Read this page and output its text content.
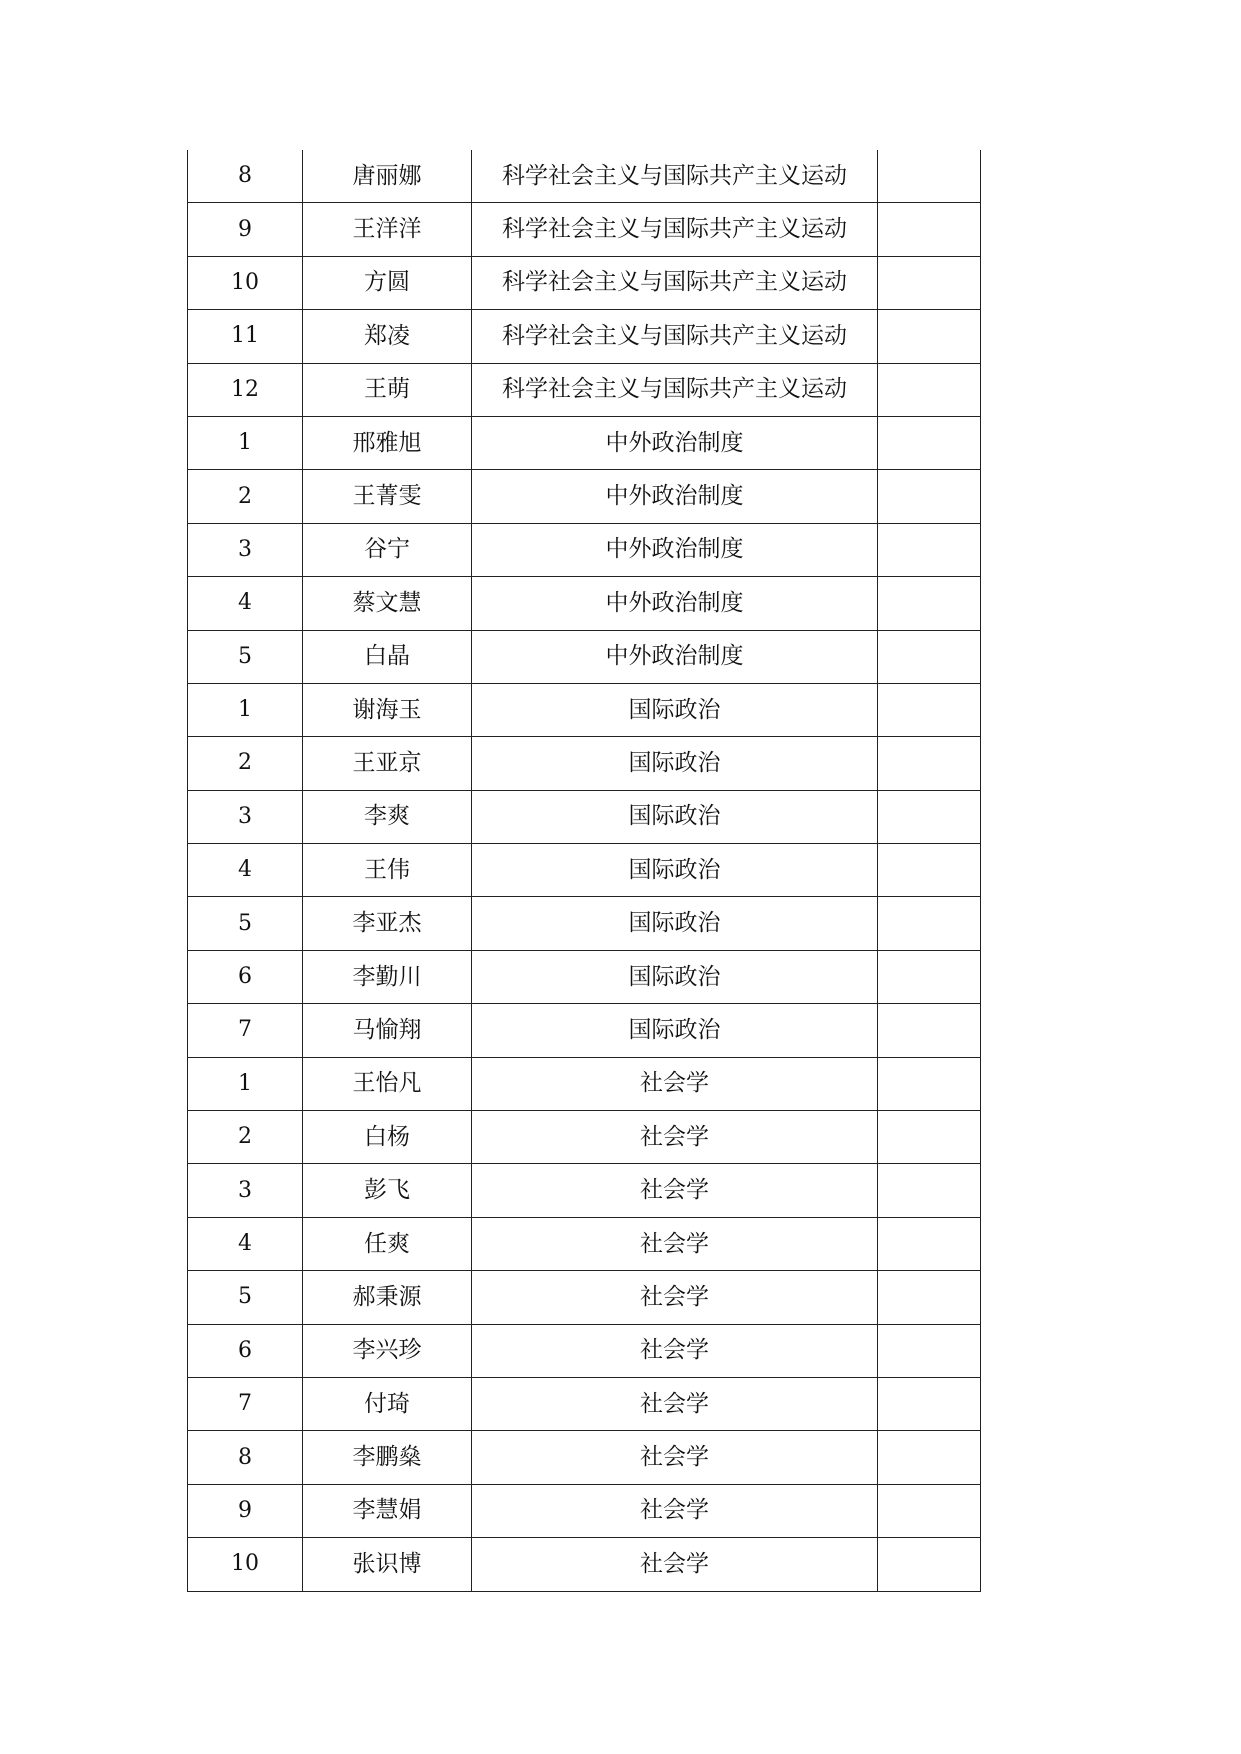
8	唐丽娜	科学社会主义与国际共产主义运动	
9	王洋洋	科学社会主义与国际共产主义运动	
10	方圆	科学社会主义与国际共产主义运动	
11	郑凌	科学社会主义与国际共产主义运动	
12	王萌	科学社会主义与国际共产主义运动	
1	邢雅旭	中外政治制度	
2	王菁雯	中外政治制度	
3	谷宁	中外政治制度	
4	蔡文慧	中外政治制度	
5	白晶	中外政治制度	
1	谢海玉	国际政治	
2	王亚京	国际政治	
3	李爽	国际政治	
4	王伟	国际政治	
5	李亚杰	国际政治	
6	李勤川	国际政治	
7	马愉翔	国际政治	
1	王怡凡	社会学	
2	白杨	社会学	
3	彭飞	社会学	
4	任爽	社会学	
5	郝秉源	社会学	
6	李兴珍	社会学	
7	付琦	社会学	
8	李鹏燊	社会学	
9	李慧娟	社会学	
10	张识博	社会学	
